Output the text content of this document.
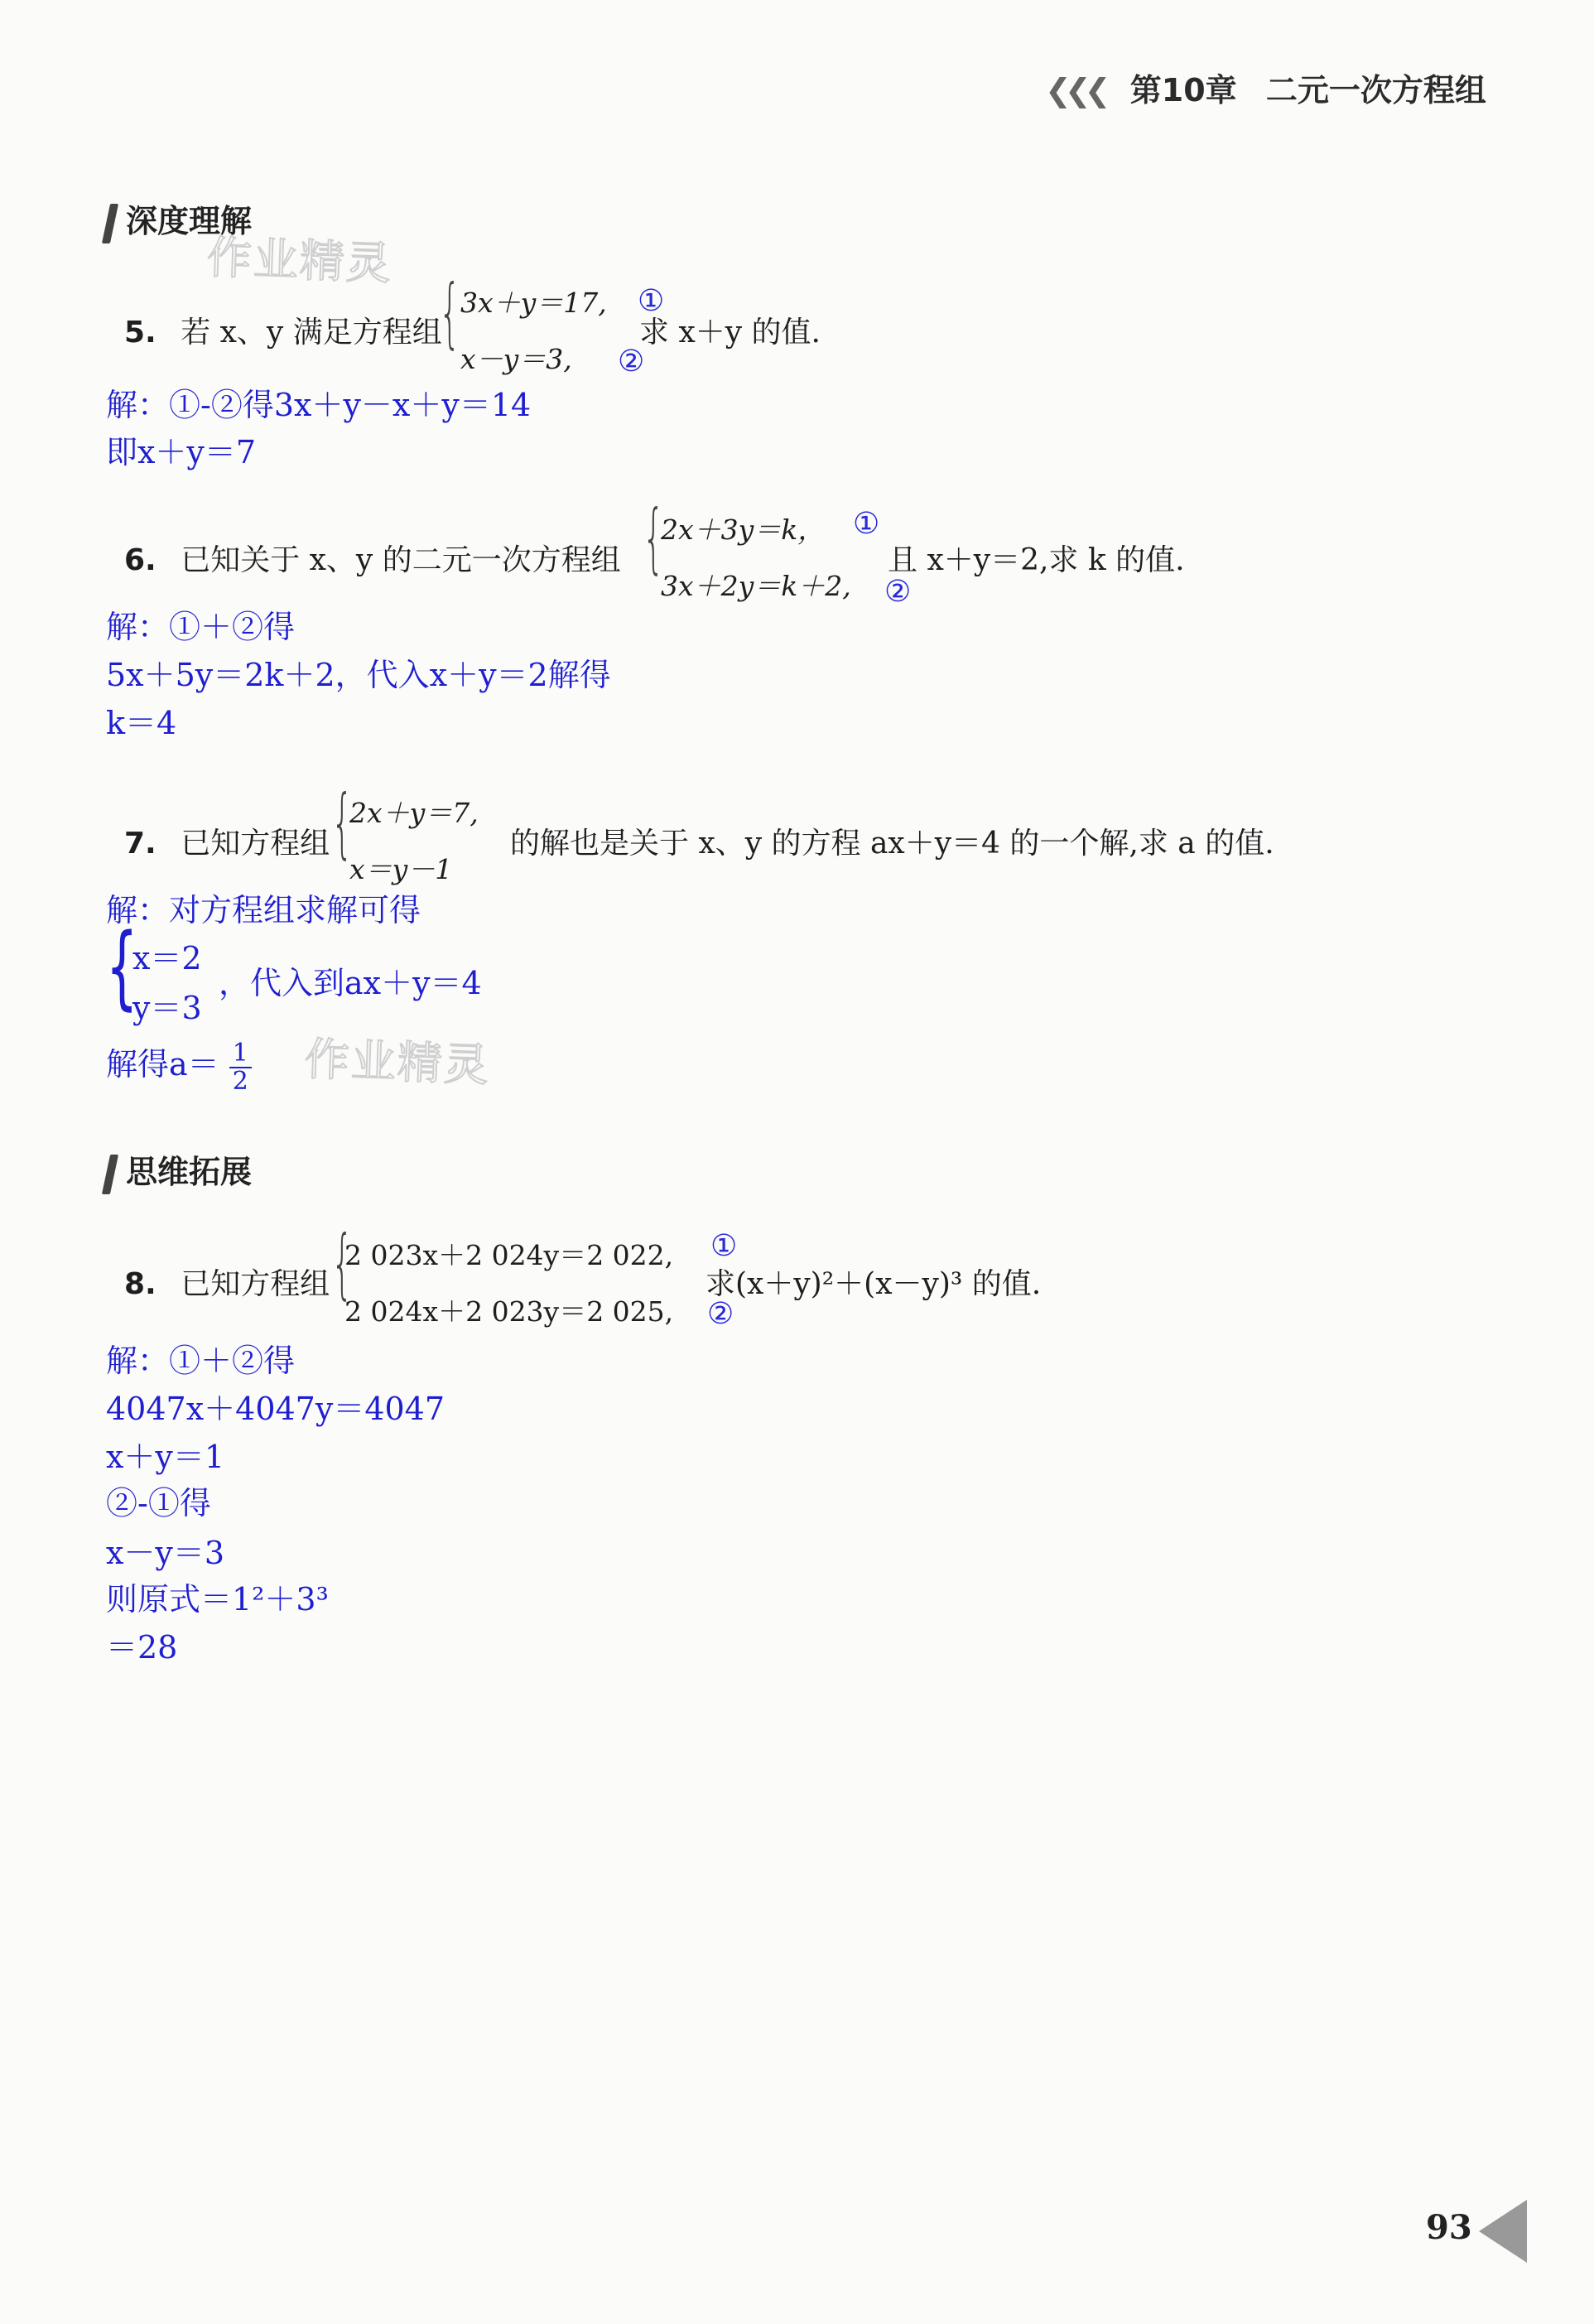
❮❮❮ 第10章 二元一次方程组
深度理解
作业精灵
5. 若 x、y 满足方程组
{ 3x＋y＝17, ①
x－y＝3, ②
求 x＋y 的值.
解：①-②得3x＋y－x＋y＝14
即x＋y＝7
6. 已知关于 x、y 的二元一次方程组 {
2x＋3y＝k， ①
3x＋2y＝k＋2, ②
且 x＋y＝2,求 k 的值.
解：①＋②得
5x＋5y＝2k＋2，代入x＋y＝2解得
k＝4
7. 已知方程组 {
2x＋y＝7,
x＝y－1
的解也是关于 x、y 的方程 ax＋y＝4 的一个解,求 a 的值.
解：对方程组求解可得
{
x＝2
y＝3
，代入到ax＋y＝4
解得$a= \frac{1}{2}$ 作业精灵
思维拓展
8. 已知方程组 {
2 023x＋2 024y＝2 022, ①
2 024x＋2 023y＝2 025, ②
求(x＋y)²＋(x－y)³ 的值.
解：①＋②得
4047x＋4047y＝4047
x＋y＝1
②-①得
x－y＝3
则原式＝1²＋3³
＝28
93
